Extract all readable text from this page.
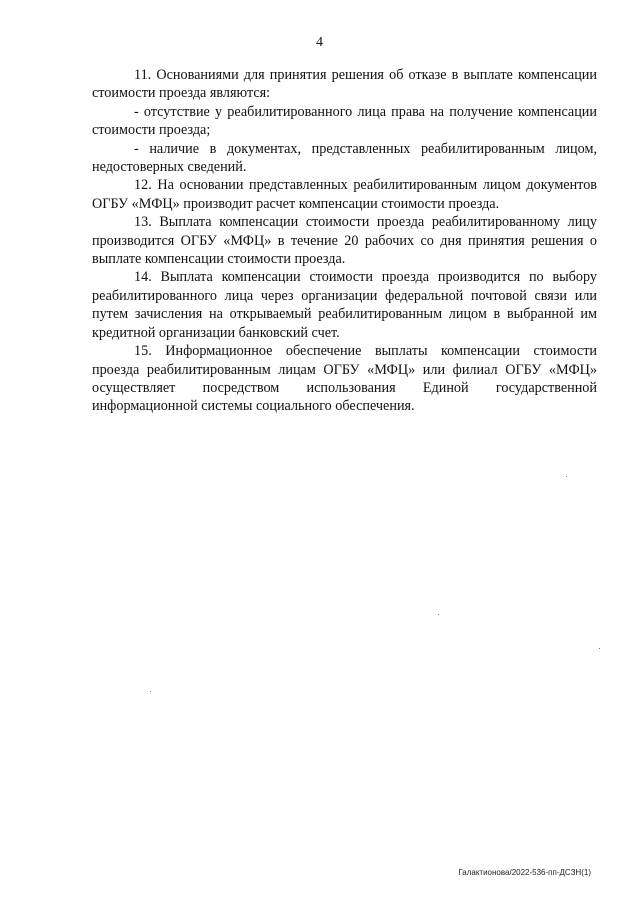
4

11. Основаниями для принятия решения об отказе в выплате компенсации стоимости проезда являются:

- отсутствие у реабилитированного лица права на получение компенсации стоимости проезда;

- наличие в документах, представленных реабилитированным лицом, недостоверных сведений.

12. На основании представленных реабилитированным лицом документов ОГБУ «МФЦ» производит расчет компенсации стоимости проезда.

13. Выплата компенсации стоимости проезда реабилитированному лицу производится ОГБУ «МФЦ» в течение 20 рабочих со дня принятия решения о выплате компенсации стоимости проезда.

14. Выплата компенсации стоимости проезда производится по выбору реабилитированного лица через организации федеральной почтовой связи или путем зачисления на открываемый реабилитированным лицом в выбранной им кредитной организации банковский счет.

15. Информационное обеспечение выплаты компенсации стоимости проезда реабилитированным лицам ОГБУ «МФЦ» или филиал ОГБУ «МФЦ» осуществляет посредством использования Единой государственной информационной системы социального обеспечения.

Галактионова/2022-536-пп-ДСЗН(1)
